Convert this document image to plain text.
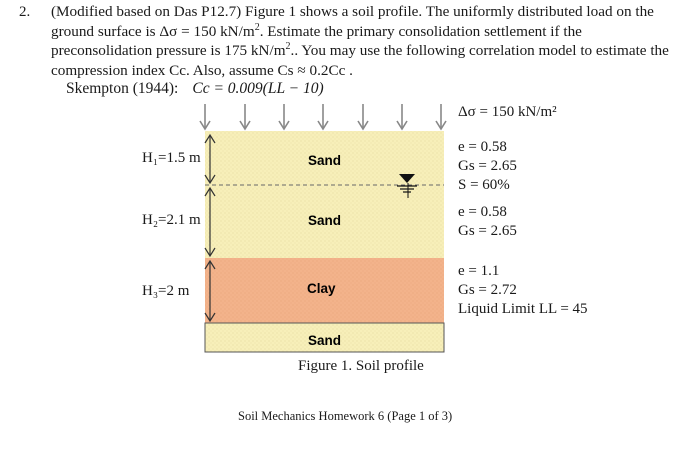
2. (Modified based on Das P12.7) Figure 1 shows a soil profile. The uniformly distributed load on the
ground surface is Δσ = 150 $kN/m^2$. Estimate the primary consolidation settlement if the
preconsolidation pressure is 175 $kN/m^2$.. You may use the following correlation model to estimate the
compression index Cc. Also, assume Cs ≈ 0.2Cc .
Skempton (1944): Cc = 0.009(LL − 10)
Sand
Sand
Clay
Sand
H₁=1.5 m
H₂=2.1 m
H₃=2 m
Δσ = 150 kN/m²
e = 0.58
Gs = 2.65
S = 60%
e = 0.58
Gs = 2.65
e = 1.1
Gs = 2.72
Liquid Limit LL = 45
Figure 1. Soil profile
Soil Mechanics Homework 6 (Page 1 of 3)
